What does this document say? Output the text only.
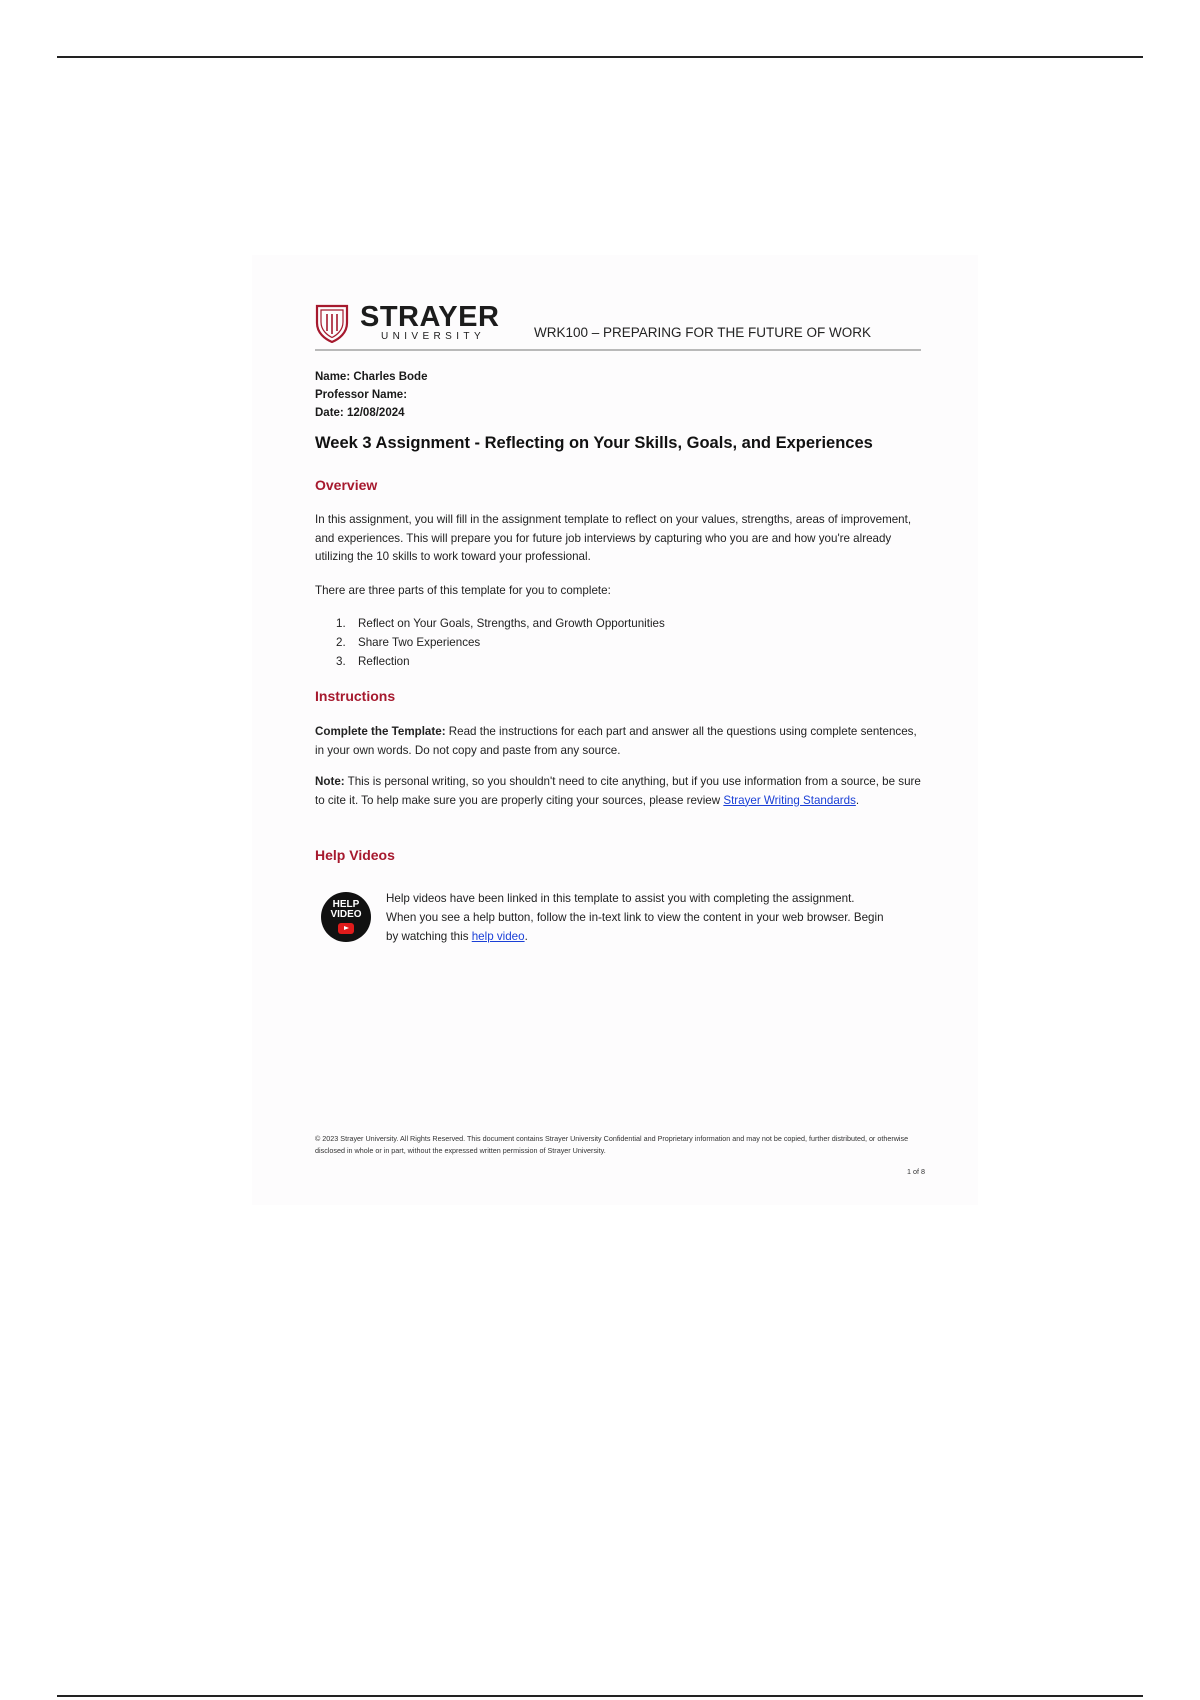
STRAYER
UNIVERSITY	WRK100 – PREPARING FOR THE FUTURE OF WORK
Name: Charles Bode
Professor Name:
Date: 12/08/2024
Week 3 Assignment - Reflecting on Your Skills, Goals, and Experiences
Overview
In this assignment, you will fill in the assignment template to reflect on your values, strengths, areas of improvement, and experiences. This will prepare you for future job interviews by capturing who you are and how you're already utilizing the 10 skills to work toward your professional.
There are three parts of this template for you to complete:
1. Reflect on Your Goals, Strengths, and Growth Opportunities
2. Share Two Experiences
3. Reflection
Instructions
Complete the Template: Read the instructions for each part and answer all the questions using complete sentences, in your own words. Do not copy and paste from any source.
Note: This is personal writing, so you shouldn't need to cite anything, but if you use information from a source, be sure to cite it. To help make sure you are properly citing your sources, please review Strayer Writing Standards.
Help Videos
HELP
VIDEO
Help videos have been linked in this template to assist you with completing the assignment. When you see a help button, follow the in-text link to view the content in your web browser. Begin by watching this help video.
© 2023 Strayer University. All Rights Reserved. This document contains Strayer University Confidential and Proprietary information and may not be copied, further distributed, or otherwise disclosed in whole or in part, without the expressed written permission of Strayer University.
1 of 8
